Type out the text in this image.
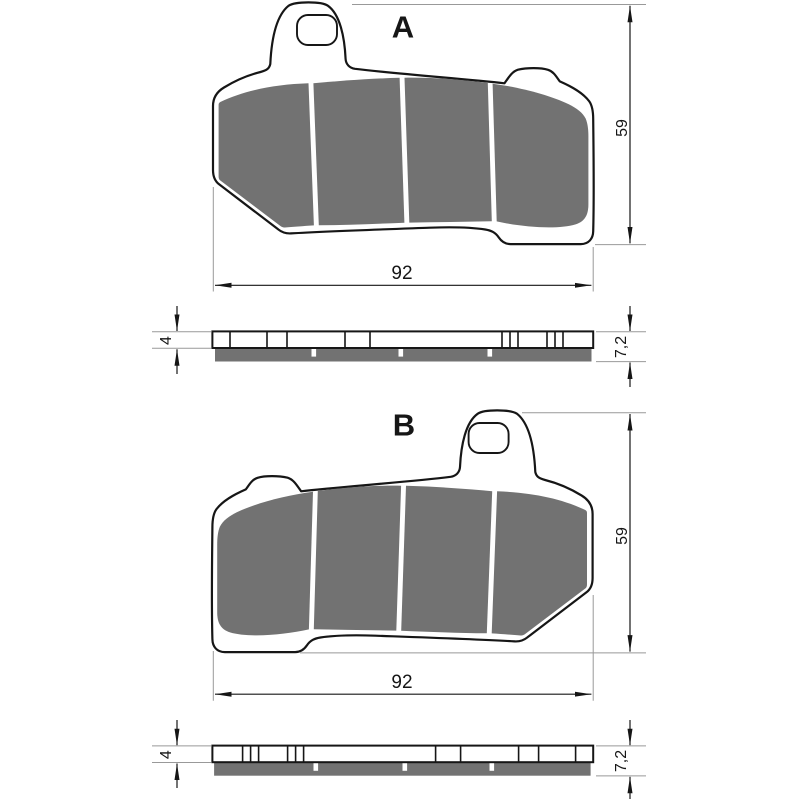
A
59
92
4	7,2
B
59
92
4	7,2
